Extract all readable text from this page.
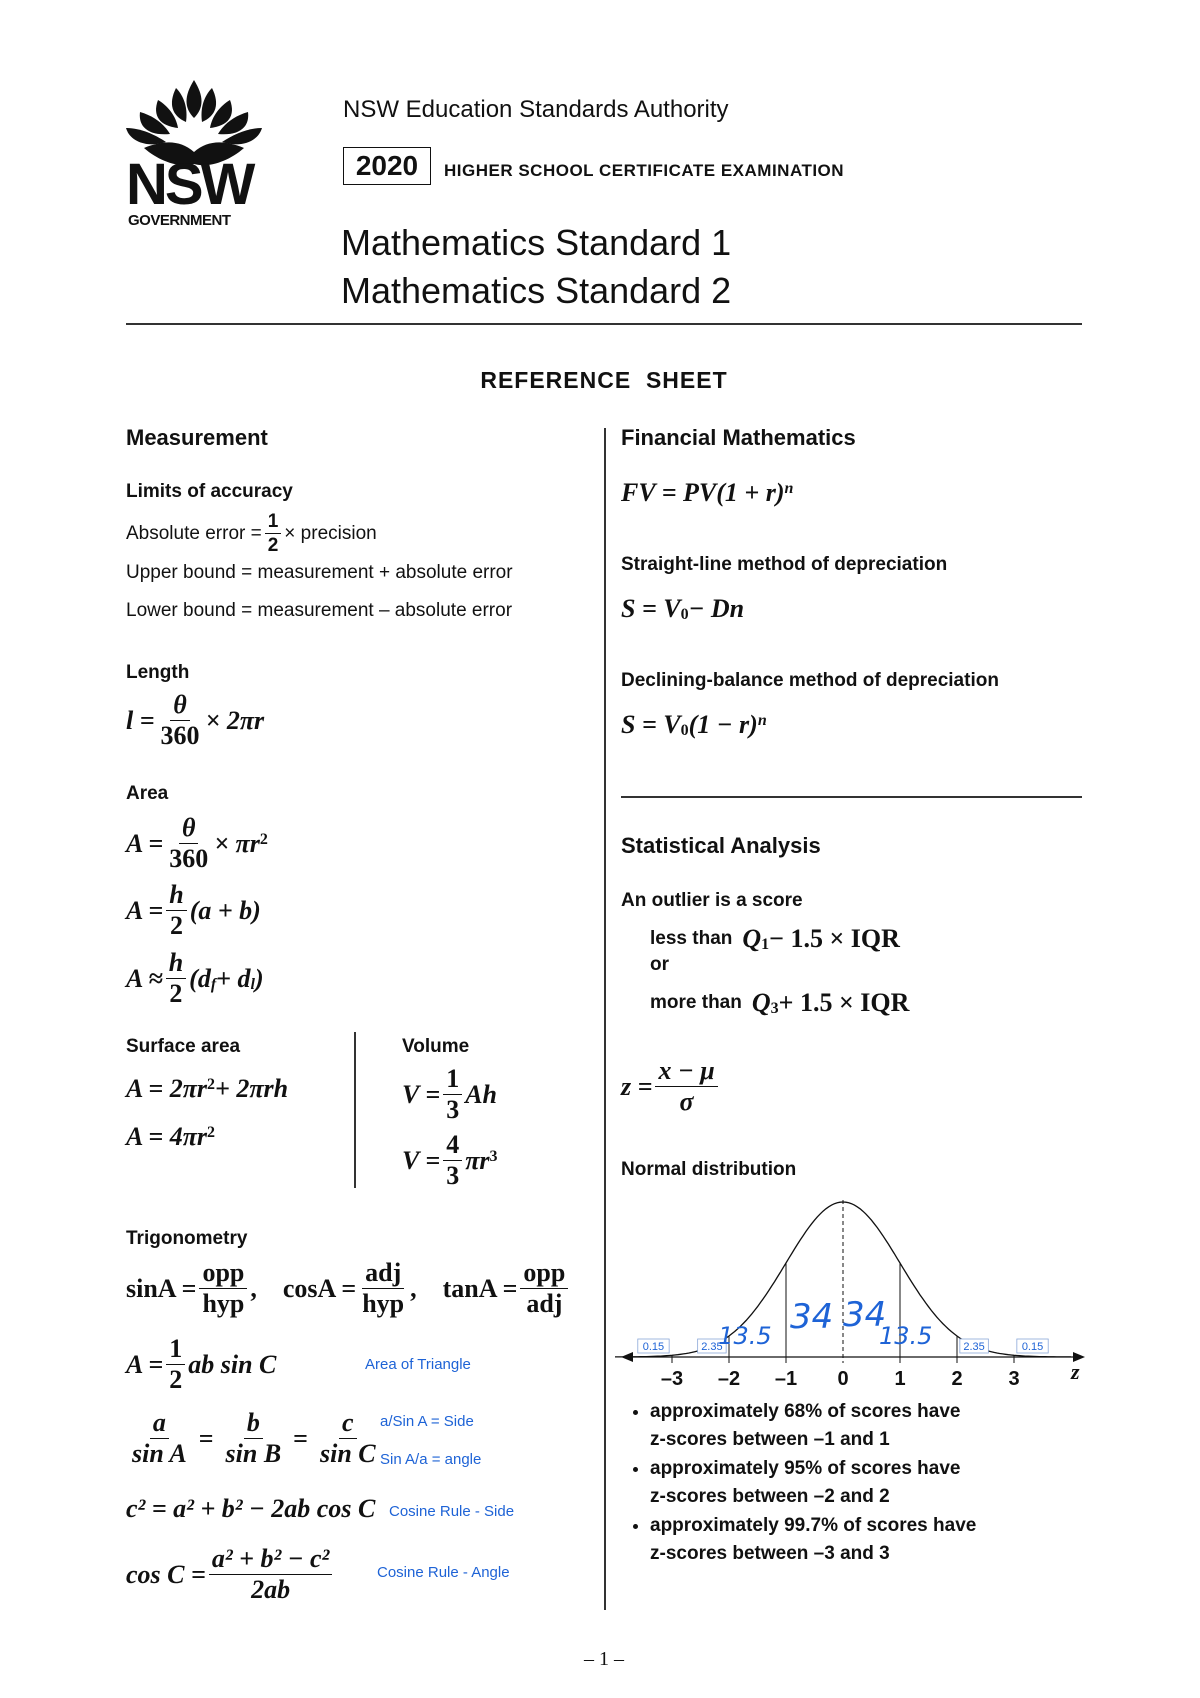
NSW
GOVERNMENT
NSW Education Standards Authority
2020	HIGHER SCHOOL CERTIFICATE EXAMINATION
Mathematics Standard 1
Mathematics Standard 2
REFERENCE  SHEET
Measurement
Limits of accuracy
Absolute error = $\frac{1}{2}$ × precision
Upper bound = measurement + absolute error
Lower bound = measurement – absolute error
Length
$l = \frac{\theta}{360} \times 2\pi r$
Area
$A = \frac{\theta}{360} \times \pi r^2$
$A = \frac{h}{2} (a + b)$
$A \approx \frac{h}{2} (d_f + d_l$ )
Surface area
$A = 2\pi r^2 + 2\pi rh$
$A = 4\pi r^2$
Volume
$V = \frac{1}{3}$ Ah
$V = \frac{4}{3} \pi r^3$
Trigonometry
$\sin A = \frac{\text{opp}}{\text{hyp}}$ , $\cos A = \frac{\text{adj}}{\text{hyp}}$ , $\tan A = \frac{\text{opp}}{\text{adj}}$
$A = \frac{1}{2}$ ab sin C	Area of Triangle
$\frac{a}{\text{sin A}} = \frac{b}{\text{sin B}} = \frac{c}{\text{sin C}} a/Sin$ A = Side
Sin A/a = angle
c² = a² + b² − 2ab cos C Cosine Rule - Side
$\cos C = \frac{\text{a² + b² − c²}}{2ab}$	Cosine Rule - Angle
Financial Mathematics
FV = $PV(1 + r)^n$
Straight-line method of depreciation
$S = V_0 - Dn$
Declining-balance method of depreciation
$S = V_0$ $(1 - r)^n$
Statistical Analysis
An outlier is a score
less than $Q_1 - 1.5$ × IQR
or
more than $Q_3 + 1.5$ × IQR
$z = \frac{x - \mu}{\sigma}$
Normal distribution
–3 –2 –1 0 1 2 3 z
0.15	2.35	2.35	0.15
13.5 34 34
13.5
• approximately 68% of scores have
z-scores between –1 and 1
• approximately 95% of scores have
z-scores between –2 and 2
• approximately 99.7% of scores have
z-scores between –3 and 3
– 1 –
